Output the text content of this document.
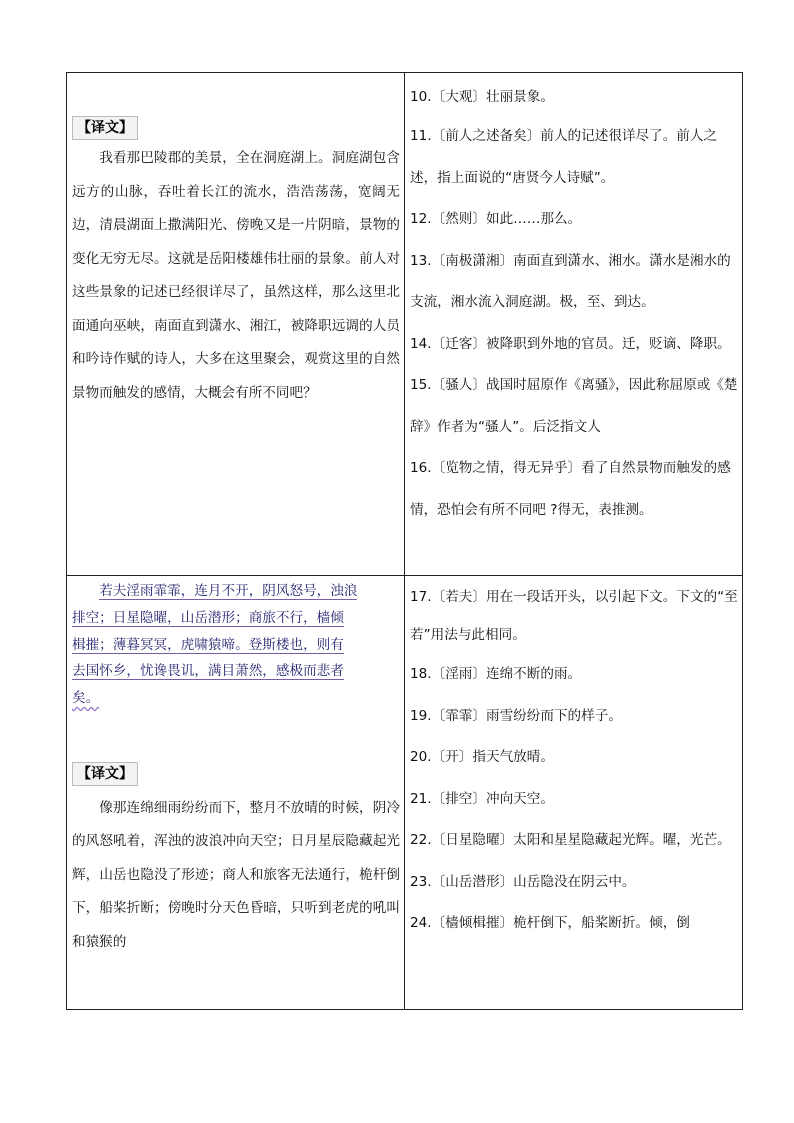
【译文】

我看那巴陵郡的美景，全在洞庭湖上。洞庭湖包含远方的山脉，吞吐着长江的流水，浩浩荡荡，宽阔无边，清晨湖面上撒满阳光、傍晚又是一片阴暗，景物的变化无穷无尽。这就是岳阳楼雄伟壮丽的景象。前人对这些景象的记述已经很详尽了，虽然这样，那么这里北面通向巫峡，南面直到潇水、湘江，被降职远调的人员和吟诗作赋的诗人，大多在这里聚会，观赏这里的自然景物而触发的感情，大概会有所不同吧？

10.〔大观〕壮丽景象。

11.〔前人之述备矣〕前人的记述很详尽了。前人之述，指上面说的“唐贤今人诗赋”。

12.〔然则〕如此……那么。

13.〔南极潇湘〕南面直到潇水、湘水。潇水是湘水的支流，湘水流入洞庭湖。极，至、到达。

14.〔迁客〕被降职到外地的官员。迁，贬谪、降职。

15.〔骚人〕战国时屈原作《离骚》，因此称屈原或《楚辞》作者为“骚人”。后泛指文人

16.〔览物之情，得无异乎〕看了自然景物而触发的感情，恐怕会有所不同吧 ?得无，表推测。

若夫淫雨霏霏，连月不开，阴风怒号，浊浪

排空；日星隐曜，山岳潜形；商旅不行，樯倾

楫摧；薄暮冥冥，虎啸猿啼。登斯楼也，则有

去国怀乡，忧谗畏讥，满目萧然，感极而悲者

矣。

【译文】

像那连绵细雨纷纷而下，整月不放晴的时候，阴冷的风怒吼着，浑浊的波浪冲向天空；日月星辰隐藏起光辉，山岳也隐没了形迹；商人和旅客无法通行，桅杆倒下，船桨折断；傍晚时分天色昏暗，只听到老虎的吼叫和猿猴的

17.〔若夫〕用在一段话开头，以引起下文。下文的“至若”用法与此相同。

18.〔淫雨〕连绵不断的雨。

19.〔霏霏〕雨雪纷纷而下的样子。

20.〔开〕指天气放晴。

21.〔排空〕冲向天空。

22.〔日星隐曜〕太阳和星星隐藏起光辉。曜，光芒。

23.〔山岳潜形〕山岳隐没在阴云中。

24.〔樯倾楫摧〕桅杆倒下，船桨断折。倾，倒
